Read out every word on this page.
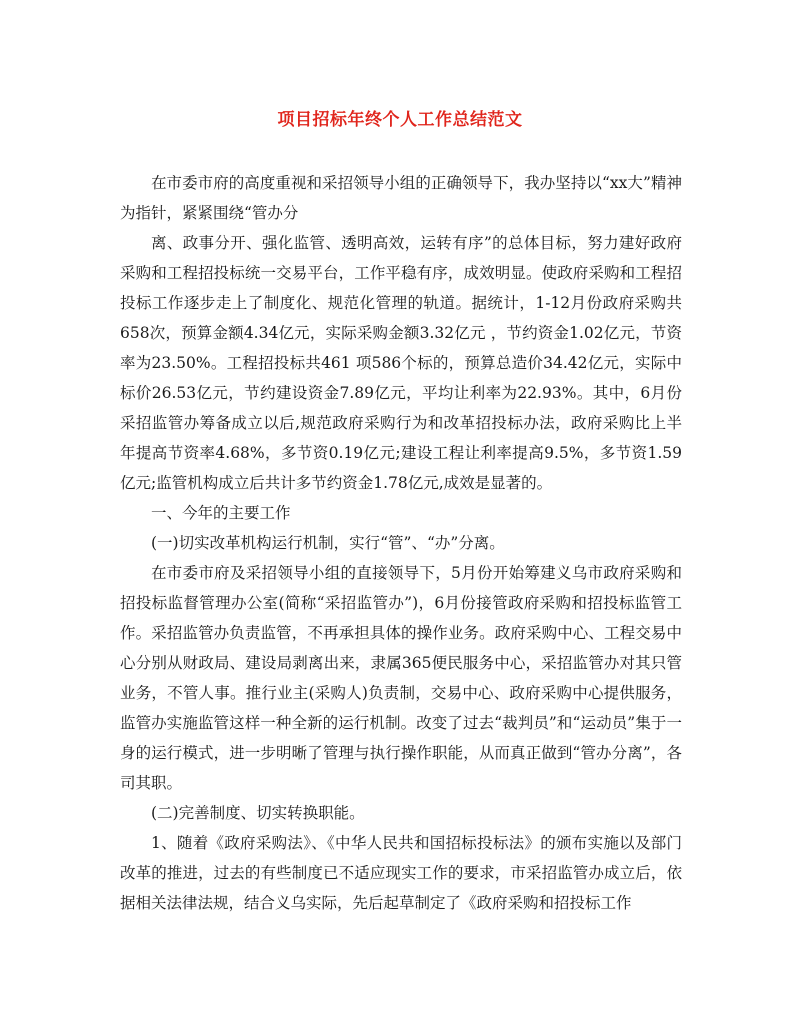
项目招标年终个人工作总结范文

在市委市府的高度重视和采招领导小组的正确领导下，我办坚持以“xx大”精神为指针，紧紧围绕“管办分

离、政事分开、强化监管、透明高效，运转有序”的总体目标，努力建好政府采购和工程招投标统一交易平台，工作平稳有序，成效明显。使政府采购和工程招投标工作逐步走上了制度化、规范化管理的轨道。据统计，1-12月份政府采购共658次，预算金额4.34亿元，实际采购金额3.32亿元 ，节约资金1.02亿元，节资率为23.50%。工程招投标共461 项586个标的，预算总造价34.42亿元，实际中标价26.53亿元，节约建设资金7.89亿元，平均让利率为22.93%。其中，6月份采招监管办筹备成立以后,规范政府采购行为和改革招投标办法，政府采购比上半年提高节资率4.68%，多节资0.19亿元;建设工程让利率提高9.5%，多节资1.59亿元;监管机构成立后共计多节约资金1.78亿元,成效是显著的。

一、今年的主要工作

(一)切实改革机构运行机制，实行“管”、“办”分离。

在市委市府及采招领导小组的直接领导下，5月份开始筹建义乌市政府采购和招投标监督管理办公室(简称“采招监管办”)，6月份接管政府采购和招投标监管工作。采招监管办负责监管，不再承担具体的操作业务。政府采购中心、工程交易中心分别从财政局、建设局剥离出来，隶属365便民服务中心，采招监管办对其只管业务，不管人事。推行业主(采购人)负责制，交易中心、政府采购中心提供服务，监管办实施监管这样一种全新的运行机制。改变了过去“裁判员”和“运动员”集于一身的运行模式，进一步明晰了管理与执行操作职能，从而真正做到“管办分离”，各司其职。

(二)完善制度、切实转换职能。

1、随着《政府采购法》、《中华人民共和国招标投标法》的颁布实施以及部门改革的推进，过去的有些制度已不适应现实工作的要求，市采招监管办成立后，依据相关法律法规，结合义乌实际，先后起草制定了《政府采购和招投标工作
